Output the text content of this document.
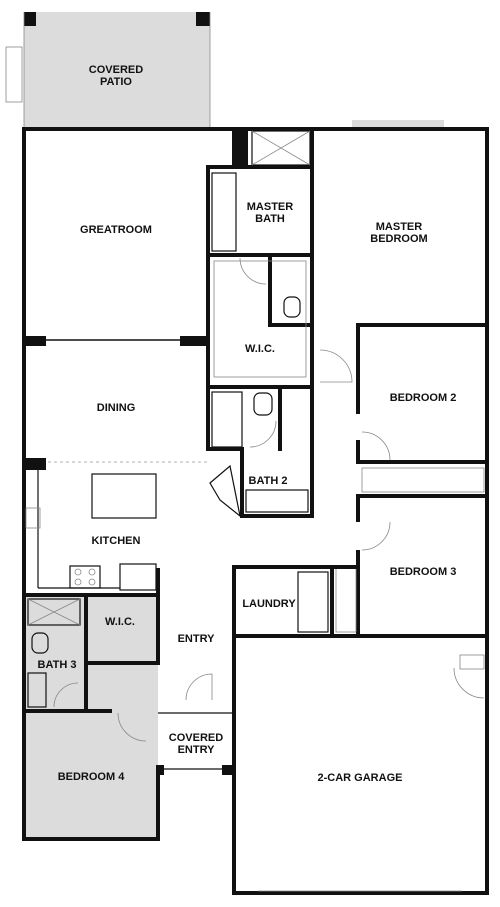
COVERED PATIO
GREATROOM
MASTER BATH
MASTER BEDROOM
W.I.C.
DINING
BEDROOM 2
BATH 2
KITCHEN
BEDROOM 3
LAUNDRY
W.I.C.
ENTRY
BATH 3
COVERED ENTRY
BEDROOM 4	2-CAR GARAGE
